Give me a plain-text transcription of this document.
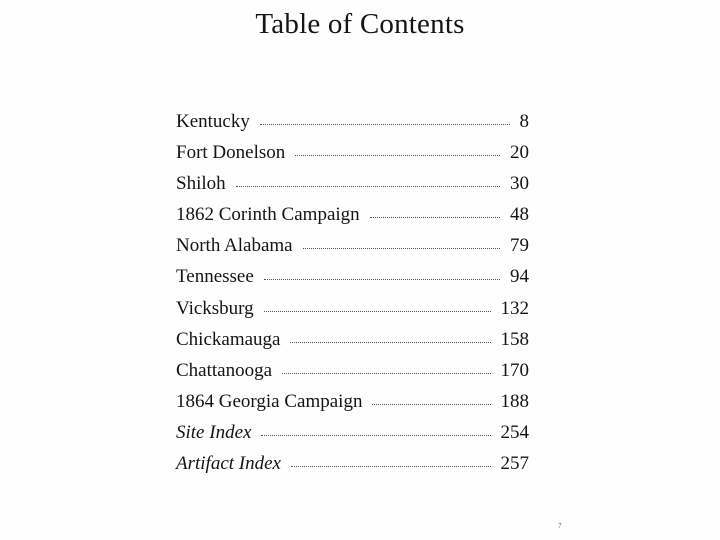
Table of Contents
Kentucky	8
Fort Donelson	20
Shiloh	30
1862 Corinth Campaign	48
North Alabama	79
Tennessee	94
Vicksburg	132
Chickamauga	158
Chattanooga	170
1864 Georgia Campaign	188
Site Index	254
Artifact Index	257
7
